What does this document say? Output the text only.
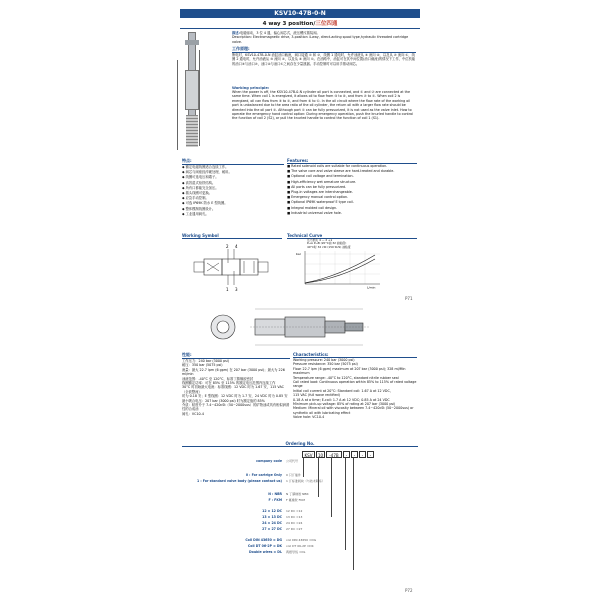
KSV10-47B-0-N
4 way 3 position/三位四通
描述:电磁驱动，3 位 4 通，偏心阀芯式，液压螺纹插装阀。
Description: Electromagnetic drive, 3-position 4-way, direct-acting spool type,hydraulic threaded cartridge valve.
工作原理:
断电时，KSV10-47B-0-N 油缸油口截流，阀口接通 ① 和 ②，线圈 1 通电时，允许油液从 ③ 流向 ④，以及从 ② 流向 ①，线圈 2 通电时，允许油液从 ③ 流向 ②，以及从 ④ 流向 ①。在油路中，油缸可在其中间位置(油口截流)的情况下工作，中位机能的油口③与油口②，油口④与油口①之间存在少量泄漏。手动控制时可以用手推动阀芯。
Working principle:
When the power is off, the KSV10-47B-0-N cylinder oil port is connected, and ① and ② are connected at the same time. When coil 1 is energized, it allows oil to flow from ③ to ④, and from ② to ①. When coil 2 is energized, oil can flow from ③ to ②, and from ④ to ①. In the oil circuit where the flow rate of the working oil port is unbalanced due to the area ratio of the oil cylinder, the return oil with a larger flow rate should be directed into the oil port ②. Although port ① can be fully pressurized, it is not used as the valve inlet. How to operate the emergency hand control option: During emergency operation, push the knurled handle to control the function of coil 2 (S2), or pull the knurled handle to control the function of coil 1 (S1).
特点:
◆ 额定电磁线圈适合连续工作。
◆ 阀芯与阀座经淬硬处理，耐用。
◆ 线圈可选电压和端子。
◆ 高效湿式衔铁结构。
◆ 所有口都能完全加压。
◆ 插头线圈可更换。
◆ 应急手动控制。
◆ 可选 IP69K 防水 E 型线圈。
◆ 整体模制线圈设计。
◆ 工业通用阀孔。
Features:
■ Rated solenoid coils are suitable for continuous operation.
■ The valve core and valve sleeve are hard-treated and durable.
■ Optional coil voltage and termination.
■ High-efficiency wet armature structure.
■ All ports can be fully pressurized.
■ Plug-in voltages are interchangeable.
■ Emergency manual control option.
■ Optional IP69K waterproof E type coil.
■ Integral molded coil design.
■ Industrial universal valve hole.
Working Symbol
2 4
1 3
Technical Curve
压力损失 4 — 2 →1
P→A P→B (20°C油 32 油粘度)
40°C时 32 cSt (150 SUS) 油粘度
bar
L/min
P71
性能:
工作压力：240 bar (3000 psi)
耐压：350 bar (5075 psi)
流量：最大 22.7 lpm (6 gpm) 在 207 bar (3000 psi)；最大为 226 ml/min
油液范围：-40°C 至 120°C，标准丁腈橡胶密封
线圈额定功率：可在 85% 至 115% 的额定电压范围内连续工作
30°C 时初始最大电流：标准线圈：12 VDC 时为 1.67 安，115 VAC（全波整流）
时为 0.18 安；E 型线圈：12 VDC 时为 1.7 安，24 VDC 时为 0.85 安
最小吸合电压：207 bar (3000 psi) 时为额定值的 85%
介质：粘度介于 7.4~420cSt（50~2000sus）的矿物油或具有相似润滑性的合成油
阀孔：VC10-4
Characteristics:
Working pressure: 240 bar (3000 psi)
Pressure resistance: 350 bar (5075 psi)
Flow: 22.7 lpm (6 gpm) maximum at 207 bar (3000 psi); 328 ml/Min maximum
Temperature range: -40°C to 120°C, standard nitrile rubber seal
Coil rated load: Continuous operation within 85% to 115% of rated voltage range
Initial coil current at 20°C: Standard coil: 1.67 A at 12 VDC,
115 VAC (full wave rectified)
0.18 A at a time; E-coil: 1.7 A at 12 VDC; 0.85 A at 24 VDC
Minimum pick-up voltage: 85% of rating at 207 bar (3000 psi)
Medium: Mineral oil with viscosity between 7.4~420cSt (50~2000sus) or synthetic oil with lubricating effect
Valve hole: VC10-4
Ordering No.
KSV	10	-47B	-	-	-	-
company code 公司代号
0 : For cartrige Only 0 只订插件
1 : For standard valve body (please contact us) 1 订标准阀块（与技术联系）
N : NBR N 丁腈橡胶 NBR
F : FKM F 氟橡胶 FKM
12 = 12 DC 12 DC =12
13 = 13 DC 13 DC =13
24 = 24 DC 24 DC =24
27 = 27 DC 27 DC =27
Coil DIN 43650 = DG coil DIN 43650 =DG
Coil DT 06-2P = DK coil DT 06-2P =DK
Double wires = DL 两根导线 =DL
P72
